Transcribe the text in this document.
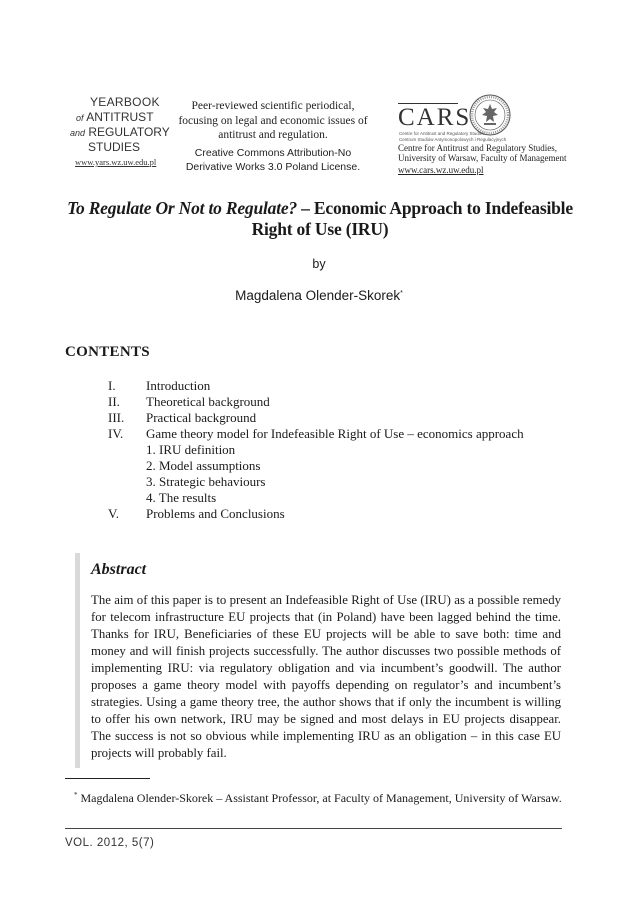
YEARBOOK
of ANTITRUST
and REGULATORY
STUDIES
www.yars.wz.uw.edu.pl
Peer-reviewed scientific periodical, focusing on legal and economic issues of antitrust and regulation.
Creative Commons Attribution-No Derivative Works 3.0 Poland License.
CARS
Centre for Antitrust and Regulatory Studies
Centrum Studiów Antymonopolowych i Regulacyjnych
Centre for Antitrust and Regulatory Studies, University of Warsaw, Faculty of Management
www.cars.wz.uw.edu.pl
To Regulate Or Not to Regulate? – Economic Approach to Indefeasible Right of Use (IRU)
by
Magdalena Olender-Skorek*
CONTENTS
I.	Introduction
II.	Theoretical background
III.	Practical background
IV.	Game theory model for Indefeasible Right of Use – economics approach
1. IRU definition
2. Model assumptions
3. Strategic behaviours
4. The results
V.	Problems and Conclusions
Abstract
The aim of this paper is to present an Indefeasible Right of Use (IRU) as a possible remedy for telecom infrastructure EU projects that (in Poland) have been lagged behind the time. Thanks for IRU, Beneficiaries of these EU projects will be able to save both: time and money and will finish projects successfully. The author discusses two possible methods of implementing IRU: via regulatory obligation and via incumbent’s goodwill. The author proposes a game theory model with payoffs depending on regulator’s and incumbent’s strategies. Using a game theory tree, the author shows that if only the incumbent is willing to offer his own network, IRU may be signed and most delays in EU projects disappear. The success is not so obvious while implementing IRU as an obligation – in this case EU projects will probably fail.
* Magdalena Olender-Skorek – Assistant Professor, at Faculty of Management, University of Warsaw.
VOL. 2012, 5(7)
